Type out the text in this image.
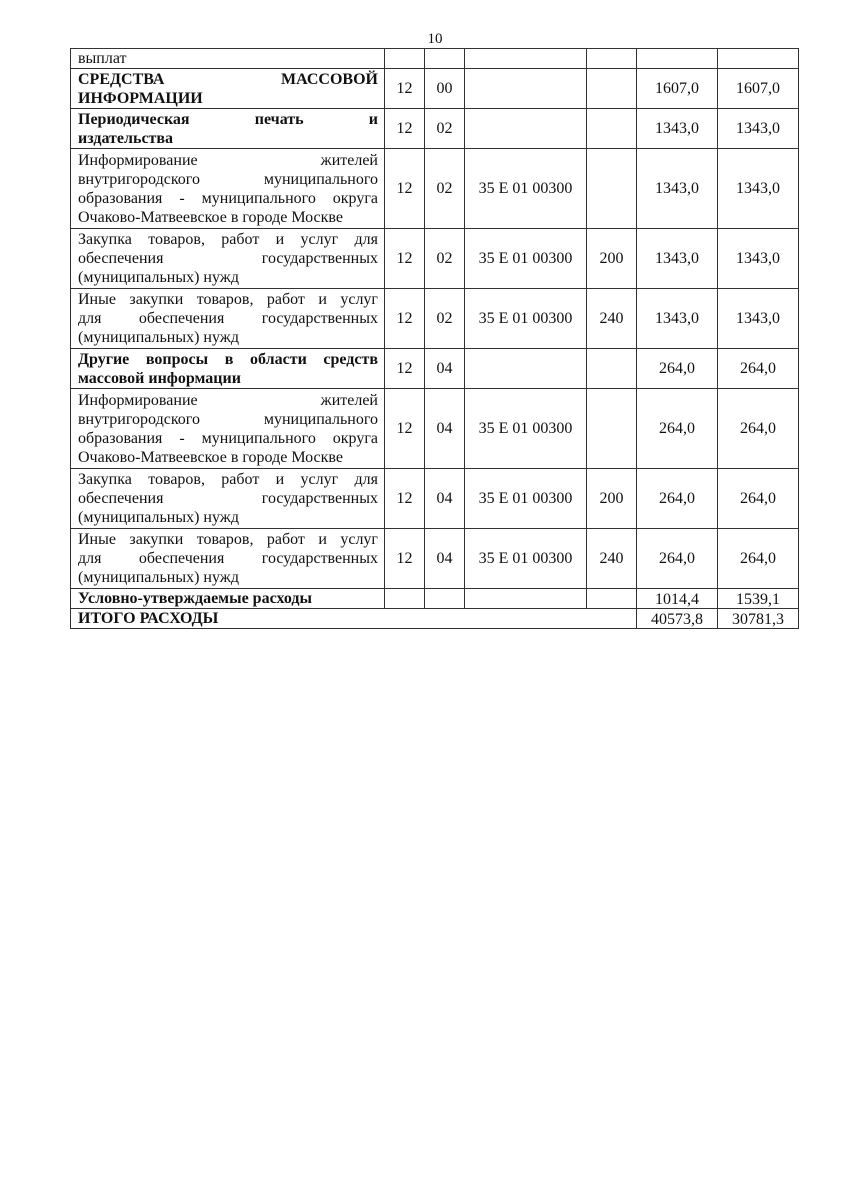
10
выплат						

СРЕДСТВА МАССОВОЙ
ИНФОРМАЦИИ	12	00			1607,0	1607,0

Периодическая печать и
издательства	12	02			1343,0	1343,0

Информирование жителей
внутригородского муниципального
образования - муниципального округа
Очаково-Матвеевское в городе Москве	12	02	35 Е 01 00300		1343,0	1343,0

Закупка товаров, работ и услуг для
обеспечения государственных
(муниципальных) нужд	12	02	35 Е 01 00300	200	1343,0	1343,0

Иные закупки товаров, работ и услуг
для обеспечения государственных
(муниципальных) нужд	12	02	35 Е 01 00300	240	1343,0	1343,0

Другие вопросы в области средств
массовой информации	12	04			264,0	264,0

Информирование жителей
внутригородского муниципального
образования - муниципального округа
Очаково-Матвеевское в городе Москве	12	04	35 Е 01 00300		264,0	264,0

Закупка товаров, работ и услуг для
обеспечения государственных
(муниципальных) нужд	12	04	35 Е 01 00300	200	264,0	264,0

Иные закупки товаров, работ и услуг
для обеспечения государственных
(муниципальных) нужд	12	04	35 Е 01 00300	240	264,0	264,0

Условно-утверждаемые расходы					1014,4	1539,1
ИТОГО РАСХОДЫ					40573,8	30781,3
